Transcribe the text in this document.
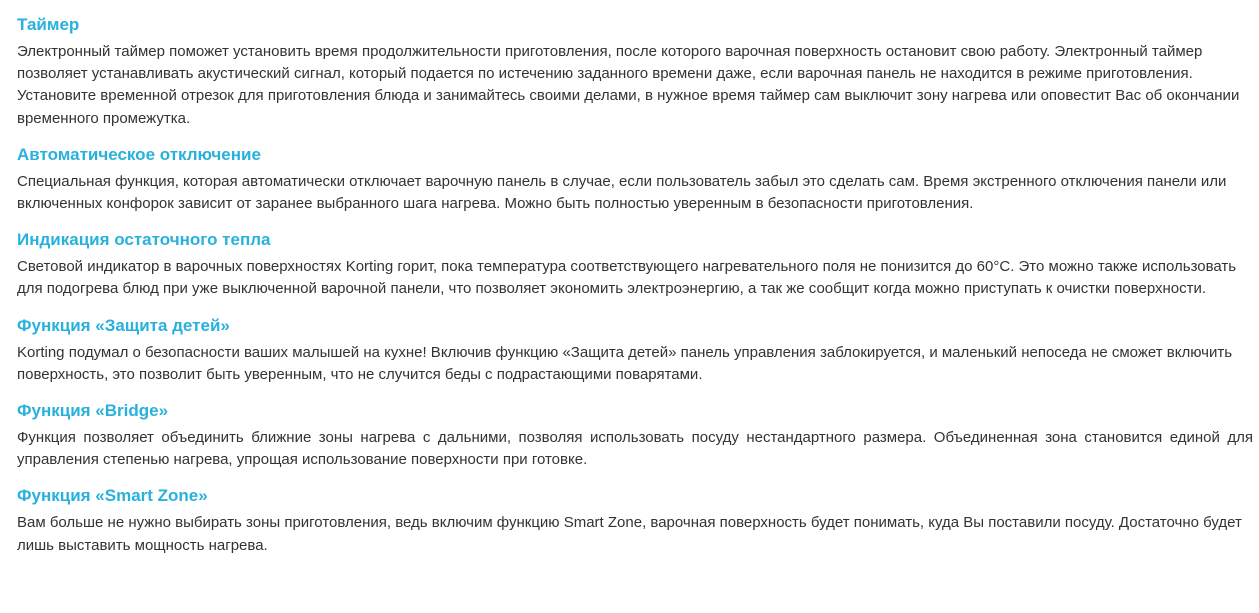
Таймер
Электронный таймер поможет установить время продолжительности приготовления, после которого варочная поверхность остановит свою работу. Электронный таймер позволяет устанавливать акустический сигнал, который подается по истечению заданного времени даже, если варочная панель не находится в режиме приготовления. Установите временной отрезок для приготовления блюда и занимайтесь своими делами, в нужное время таймер сам выключит зону нагрева или оповестит Вас об окончании временного промежутка.
Автоматическое отключение
Специальная функция, которая автоматически отключает варочную панель в случае, если пользователь забыл это сделать сам. Время экстренного отключения панели или включенных конфорок зависит от заранее выбранного шага нагрева. Можно быть полностью уверенным в безопасности приготовления.
Индикация остаточного тепла
Световой индикатор в варочных поверхностях Korting горит, пока температура соответствующего нагревательного поля не понизится до 60°C. Это можно также использовать для подогрева блюд при уже выключенной варочной панели, что позволяет экономить электроэнергию, а так же сообщит когда можно приступать к очистки поверхности.
Функция «Защита детей»
Korting подумал о безопасности ваших малышей на кухне! Включив функцию «Защита детей» панель управления заблокируется, и маленький непоседа не сможет включить поверхность, это позволит быть уверенным, что не случится беды с подрастающими поварятами.
Функция «Bridge»
Функция позволяет объединить ближние зоны нагрева с дальними, позволяя использовать посуду нестандартного размера. Объединенная зона становится единой для управления степенью нагрева, упрощая использование поверхности при готовке.
Функция «Smart Zone»
Вам больше не нужно выбирать зоны приготовления, ведь включим функцию Smart Zone, варочная поверхность будет понимать, куда Вы поставили посуду. Достаточно будет лишь выставить мощность нагрева.
